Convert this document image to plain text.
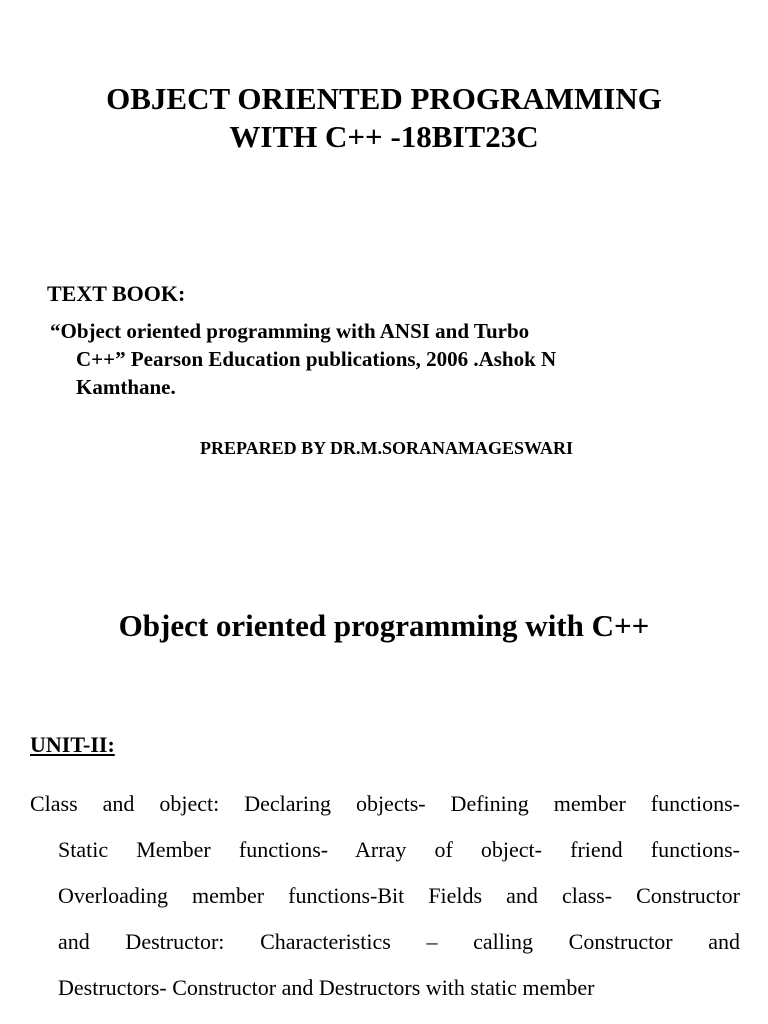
OBJECT ORIENTED PROGRAMMING
WITH C++ -18BIT23C

TEXT BOOK:

“Object oriented programming with ANSI and Turbo
C++” Pearson Education publications, 2006 .Ashok N
Kamthane.

PREPARED BY DR.M.SORANAMAGESWARI

Object oriented programming with C++

UNIT-II:

Class and object: Declaring objects- Defining member functions-
Static Member functions- Array of object- friend functions-
Overloading member functions-Bit Fields and class- Constructor
and Destructor: Characteristics – calling Constructor and
Destructors- Constructor and Destructors with static member
